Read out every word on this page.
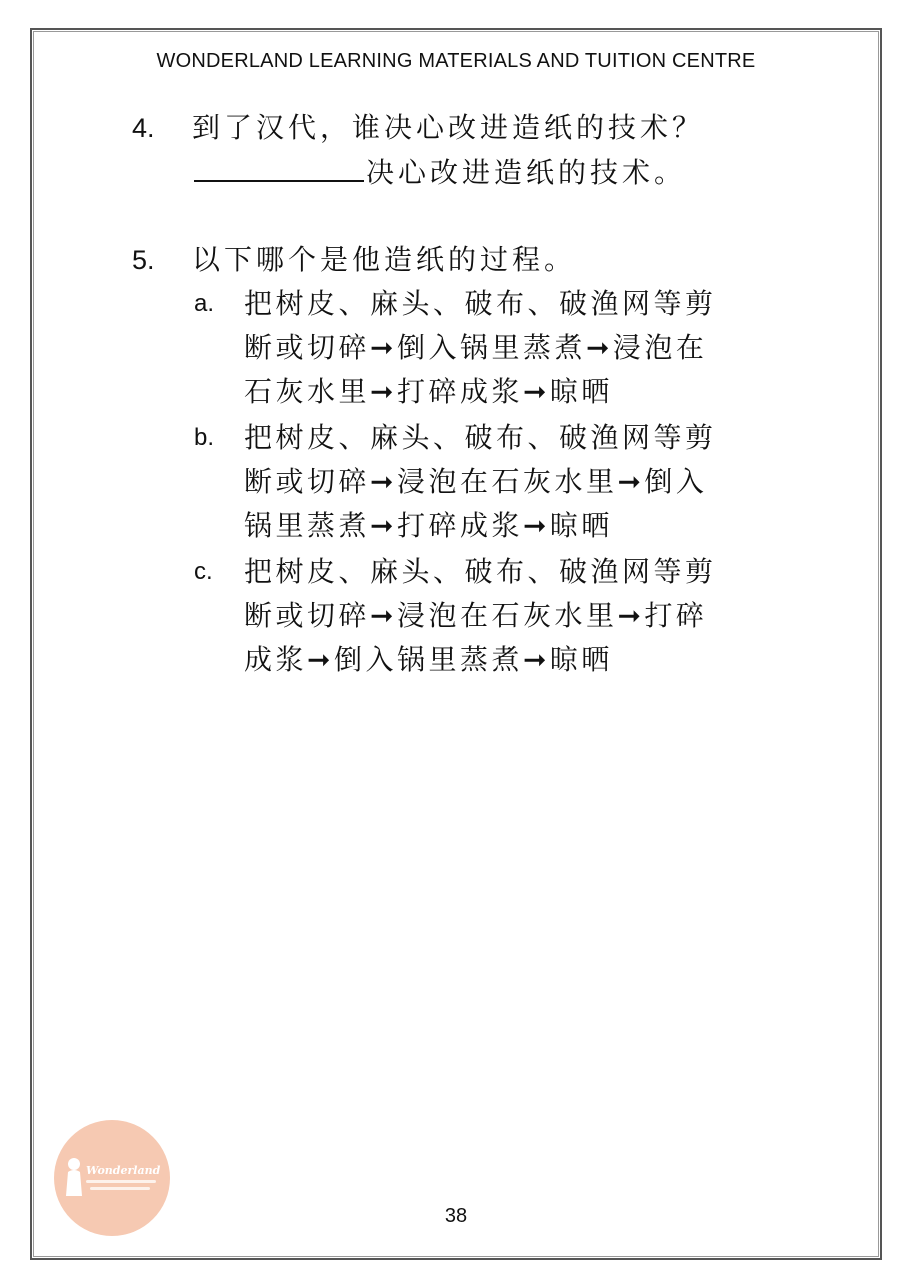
WONDERLAND LEARNING MATERIALS AND TUITION CENTRE
4. 到了汉代，谁决心改进造纸的技术？
决心改进造纸的技术。
5. 以下哪个是他造纸的过程。
a. 把树皮、麻头、破布、破渔网等剪
断或切碎➞倒入锅里蒸煮➞浸泡在
石灰水里➞打碎成浆➞晾晒
b. 把树皮、麻头、破布、破渔网等剪
断或切碎➞浸泡在石灰水里➞倒入
锅里蒸煮➞打碎成浆➞晾晒
c. 把树皮、麻头、破布、破渔网等剪
断或切碎➞浸泡在石灰水里➞打碎
成浆➞倒入锅里蒸煮➞晾晒
Wonderland
38
